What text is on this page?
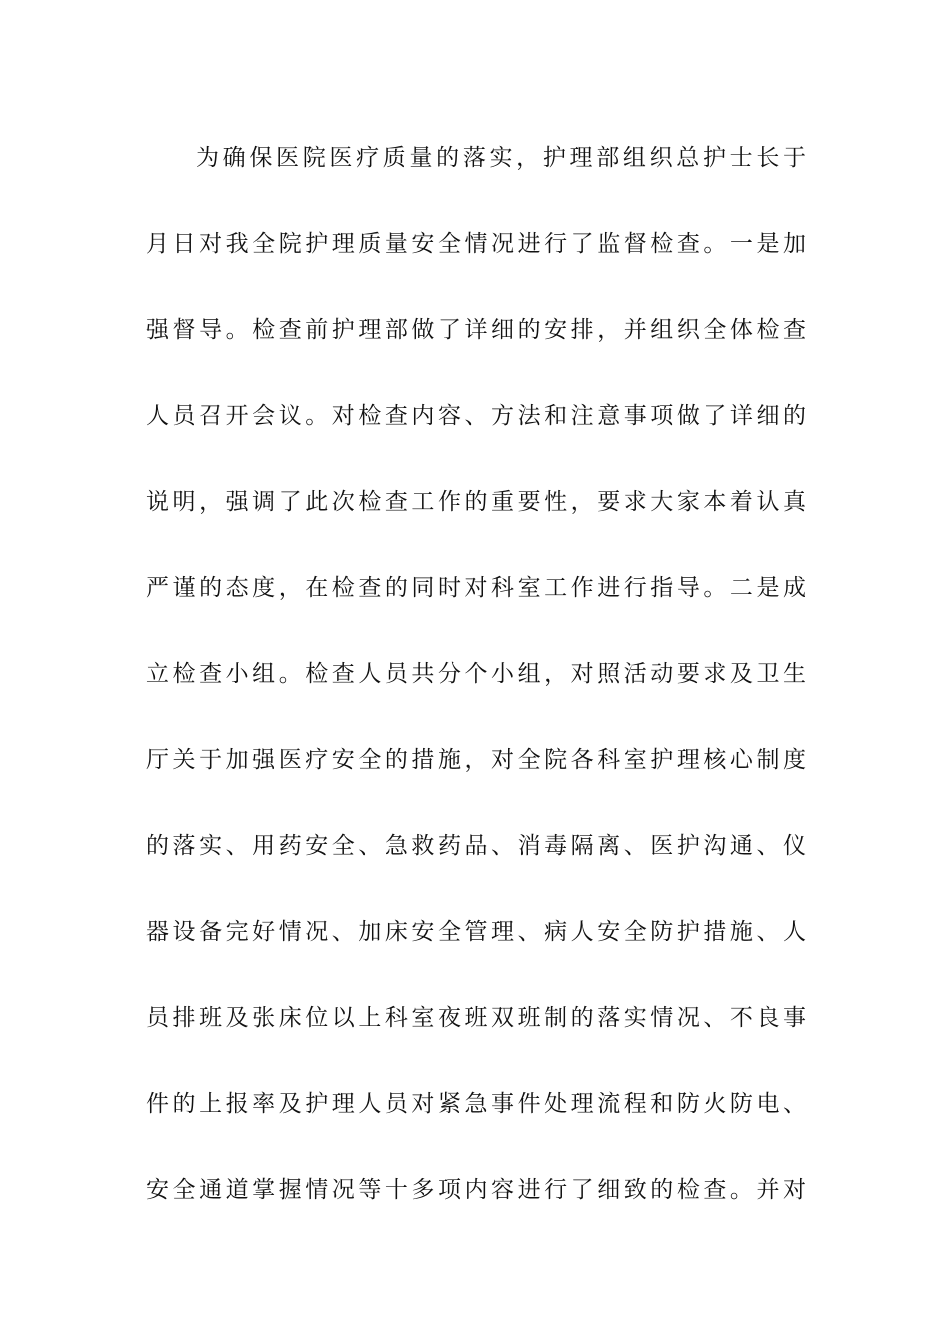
为确保医院医疗质量的落实，护理部组织总护士长于
月日对我全院护理质量安全情况进行了监督检查。一是加
强督导。检查前护理部做了详细的安排，并组织全体检查
人员召开会议。对检查内容、方法和注意事项做了详细的
说明，强调了此次检查工作的重要性，要求大家本着认真
严谨的态度，在检查的同时对科室工作进行指导。二是成
立检查小组。检查人员共分个小组，对照活动要求及卫生
厅关于加强医疗安全的措施，对全院各科室护理核心制度
的落实、用药安全、急救药品、消毒隔离、医护沟通、仪
器设备完好情况、加床安全管理、病人安全防护措施、人
员排班及张床位以上科室夜班双班制的落实情况、不良事
件的上报率及护理人员对紧急事件处理流程和防火防电、
安全通道掌握情况等十多项内容进行了细致的检查。并对
